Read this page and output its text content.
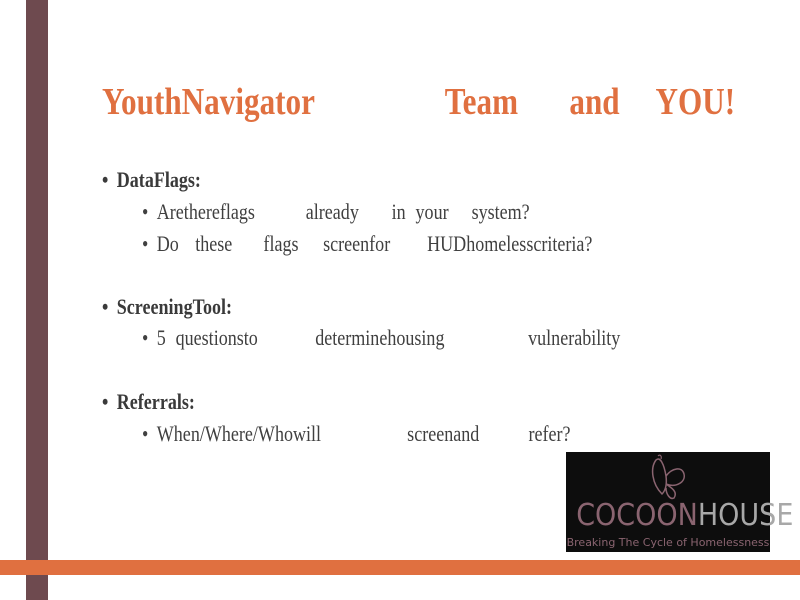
YouthNavigator	Team and YOU!
• DataFlags:
• Arethereflags already in your system?
• Do these flags screenfor HUDhomelesscriteria?
• ScreeningTool:
• 5 questionsto	determinehousing	vulnerability
• Referrals:
• When/Where/Whowill	screenand refer?
COCOONHOUSE
Breaking The Cycle of Homelessness
